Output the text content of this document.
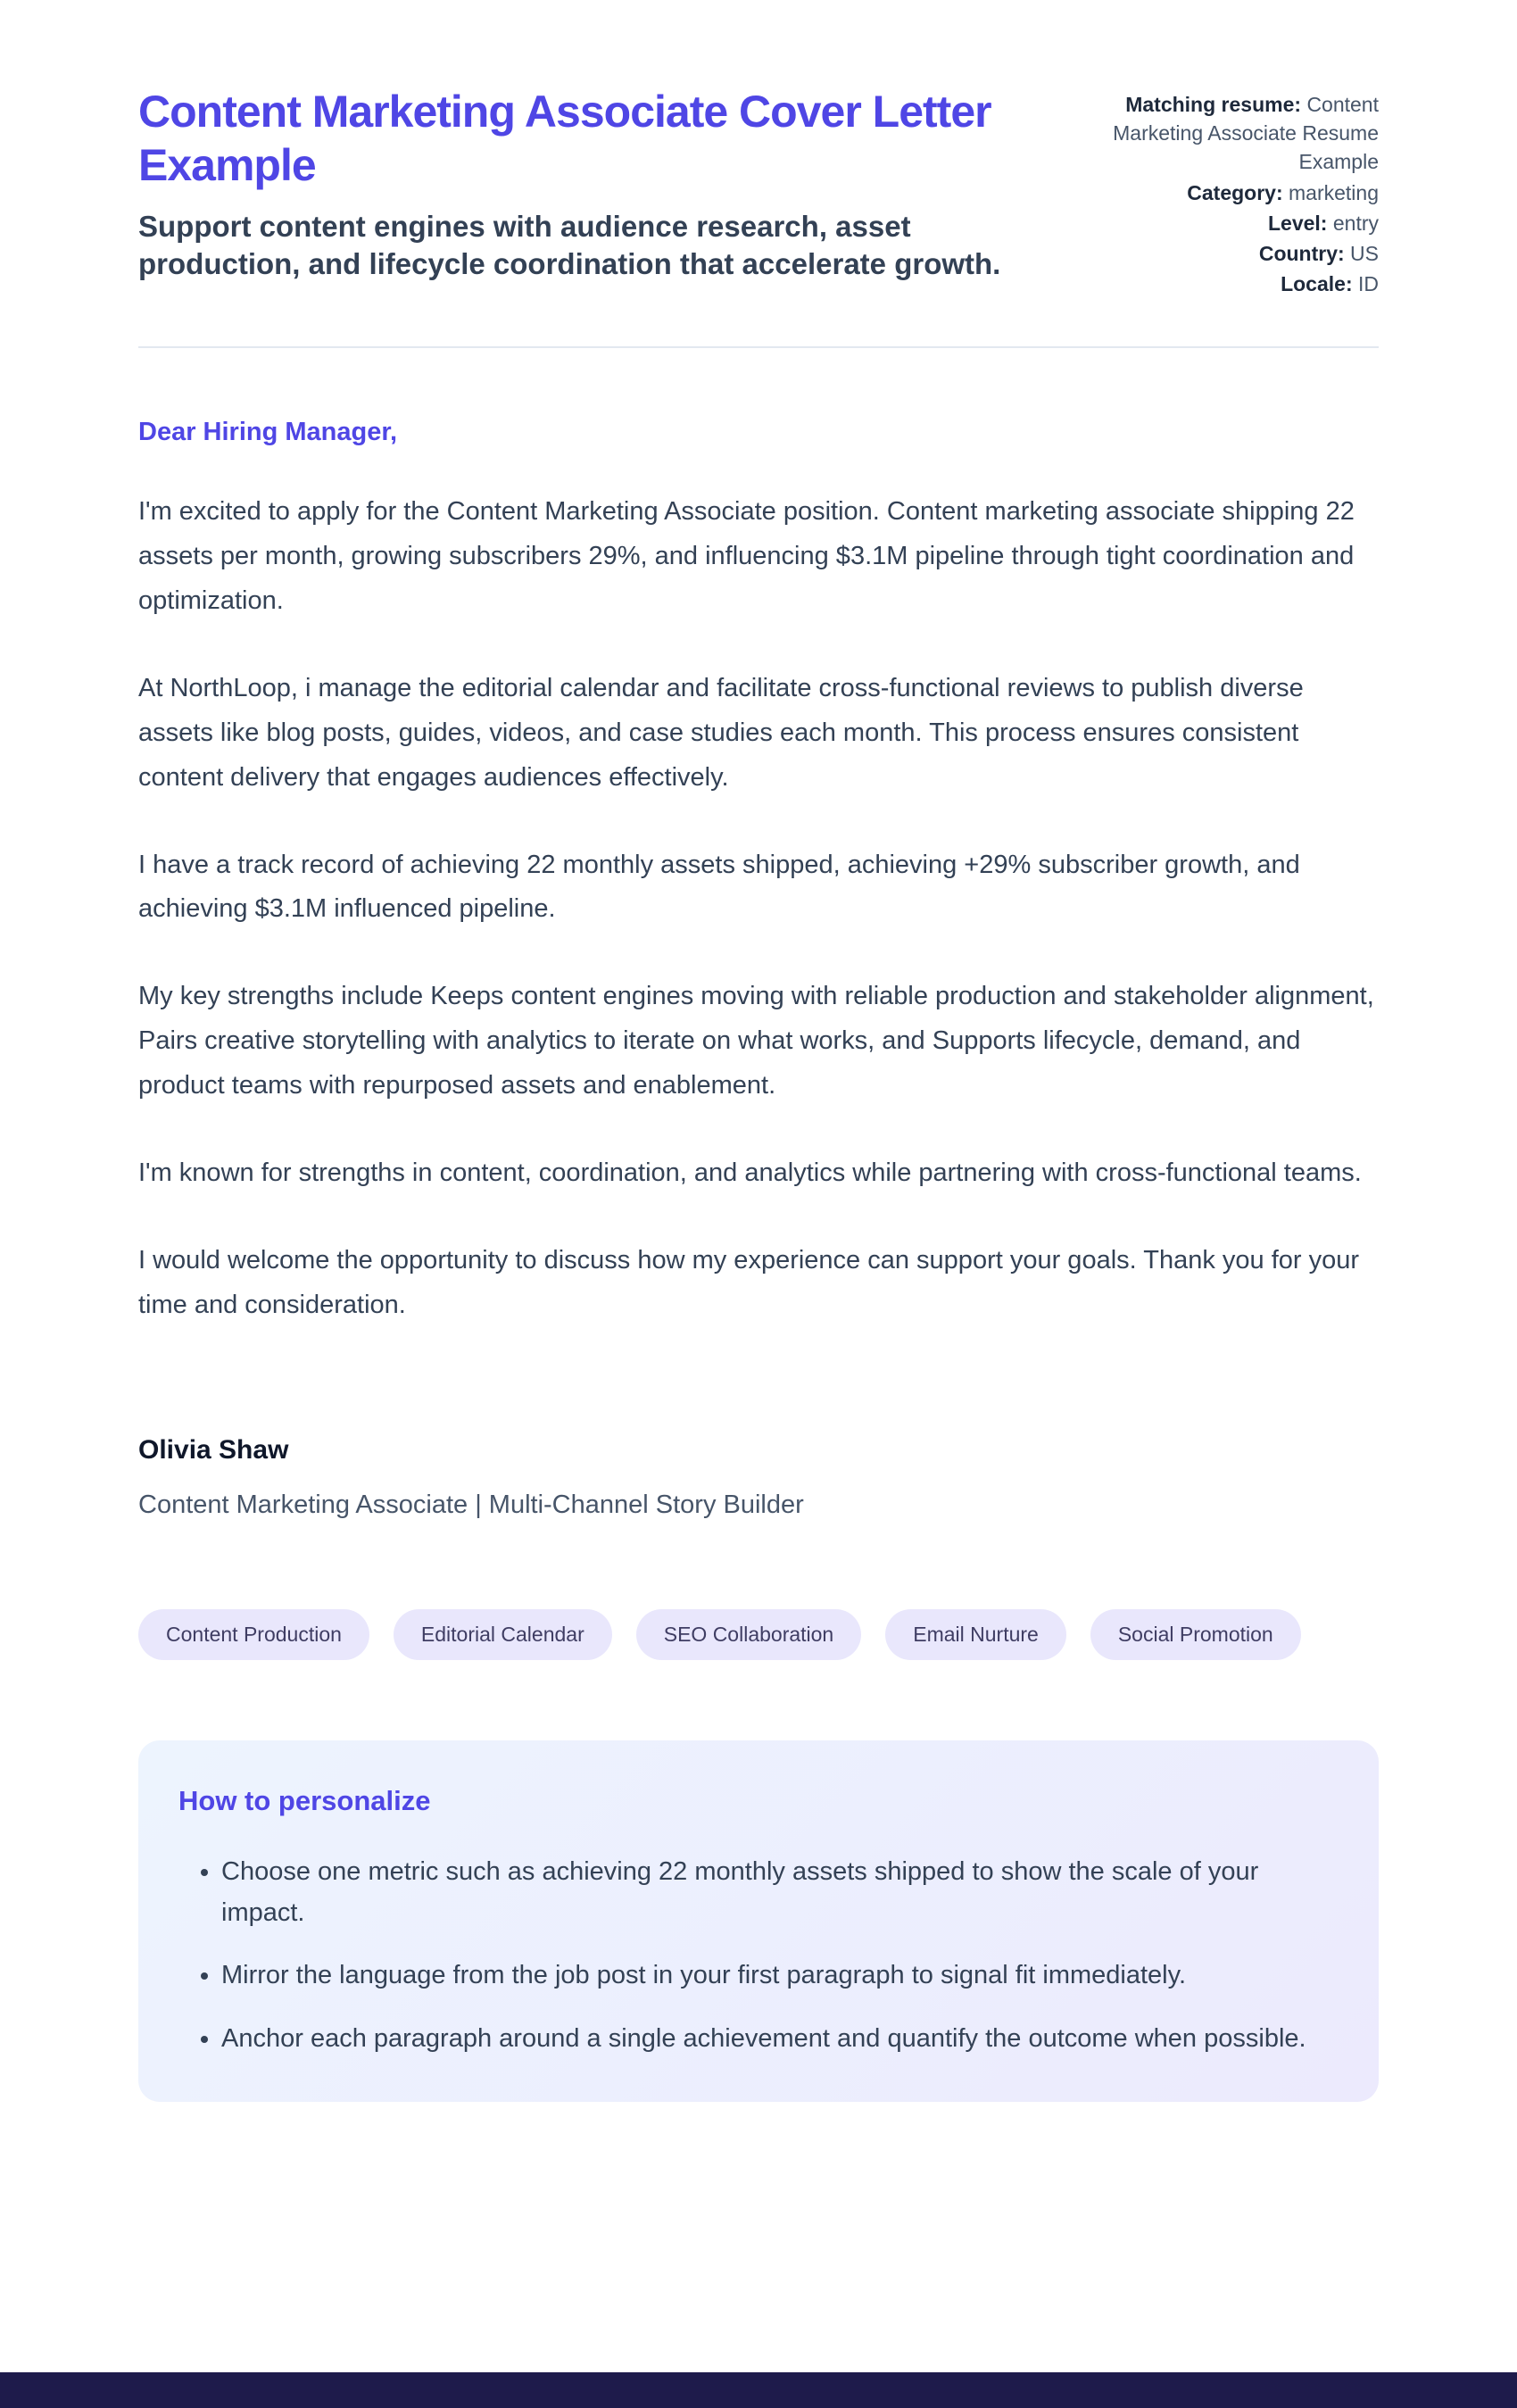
Content Marketing Associate Cover Letter Example
Support content engines with audience research, asset production, and lifecycle coordination that accelerate growth.
Matching resume: Content Marketing Associate Resume Example
Category: marketing
Level: entry
Country: US
Locale: ID

Dear Hiring Manager,

I'm excited to apply for the Content Marketing Associate position. Content marketing associate shipping 22 assets per month, growing subscribers 29%, and influencing $3.1M pipeline through tight coordination and optimization.

At NorthLoop, i manage the editorial calendar and facilitate cross-functional reviews to publish diverse assets like blog posts, guides, videos, and case studies each month. This process ensures consistent content delivery that engages audiences effectively.

I have a track record of achieving 22 monthly assets shipped, achieving +29% subscriber growth, and achieving $3.1M influenced pipeline.

My key strengths include Keeps content engines moving with reliable production and stakeholder alignment, Pairs creative storytelling with analytics to iterate on what works, and Supports lifecycle, demand, and product teams with repurposed assets and enablement.

I'm known for strengths in content, coordination, and analytics while partnering with cross-functional teams.

I would welcome the opportunity to discuss how my experience can support your goals. Thank you for your time and consideration.

Olivia Shaw

Content Marketing Associate | Multi-Channel Story Builder

Content Production	Editorial Calendar	SEO Collaboration	Email Nurture	Social Promotion
How to personalize
• Choose one metric such as achieving 22 monthly assets shipped to show the scale of your impact.
• Mirror the language from the job post in your first paragraph to signal fit immediately.
• Anchor each paragraph around a single achievement and quantify the outcome when possible.
